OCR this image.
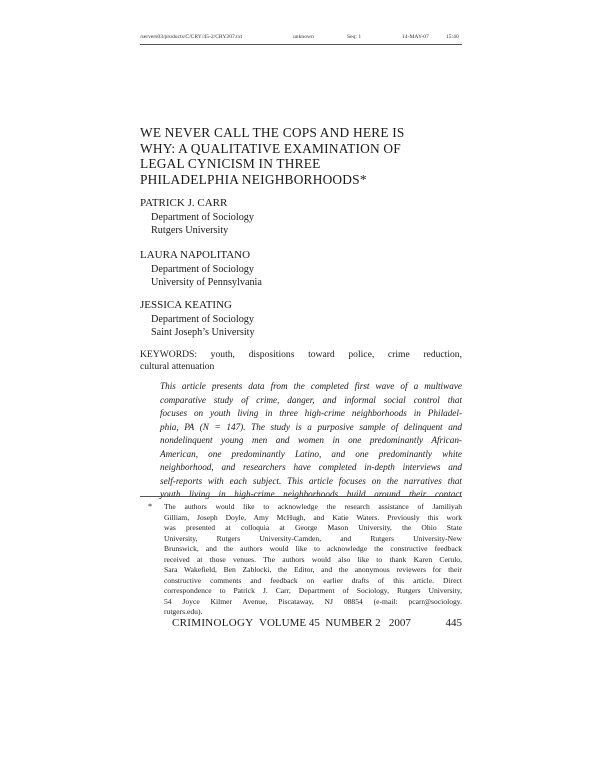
/servers03/products/C/CRY/45-2/CRY207.txt	unknown	Seq: 1	14-MAY-07	15:40
WE NEVER CALL THE COPS AND HERE IS
WHY: A QUALITATIVE EXAMINATION OF
LEGAL CYNICISM IN THREE
PHILADELPHIA NEIGHBORHOODS*
PATRICK J. CARR
Department of Sociology
Rutgers University
LAURA NAPOLITANO
Department of Sociology
University of Pennsylvania
JESSICA KEATING
Department of Sociology
Saint Joseph’s University
KEYWORDS: youth, dispositions toward police, crime reduction,
cultural attenuation
This article presents data from the completed first wave of a multiwave
comparative study of crime, danger, and informal social control that
focuses on youth living in three high-crime neighborhoods in Philadel-
phia, PA (N = 147). The study is a purposive sample of delinquent and
nondelinquent young men and women in one predominantly African-
American, one predominantly Latino, and one predominantly white
neighborhood, and researchers have completed in-depth interviews and
self-reports with each subject. This article focuses on the narratives that
youth living in high-crime neighborhoods build around their contact
* The authors would like to acknowledge the research assistance of Jamiliyah
Gilliam, Joseph Doyle, Amy McHugh, and Katie Waters. Previously this work
was presented at colloquia at George Mason University, the Ohio State
University, Rutgers University-Camden, and Rutgers University-New
Brunswick, and the authors would like to acknowledge the constructive feedback
received at those venues. The authors would also like to thank Karen Cerulo,
Sara Wakefield, Ben Zablocki, the Editor, and the anonymous reviewers for their
constructive comments and feedback on earlier drafts of this article. Direct
correspondence to Patrick J. Carr, Department of Sociology, Rutgers University,
54 Joyce Kilmer Avenue, Piscataway, NJ 08854 (e-mail: pcarr@sociology.
rutgers.edu).
CRIMINOLOGY VOLUME 45 NUMBER 2 2007	445
